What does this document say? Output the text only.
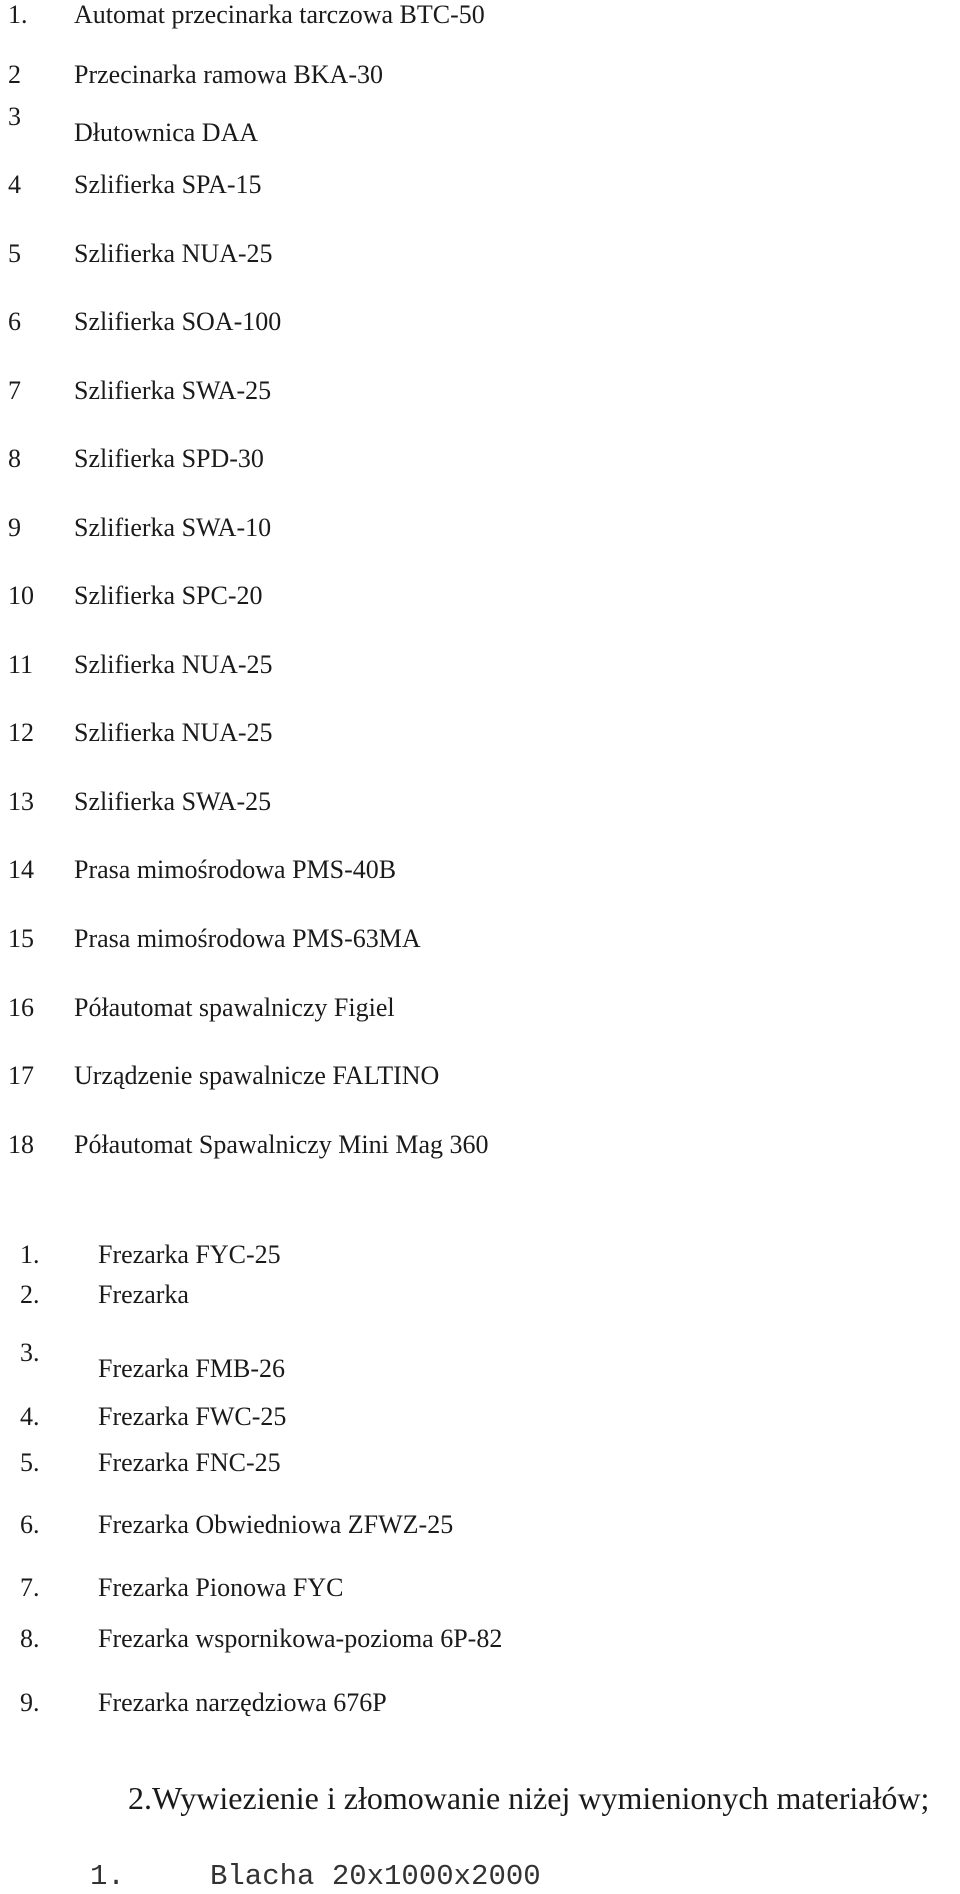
1. Automat przecinarka tarczowa BTC-50
2 Przecinarka ramowa BKA-30
3
Dłutownica DAA
4 Szlifierka SPA-15
5 Szlifierka NUA-25
6 Szlifierka SOA-100
7 Szlifierka SWA-25
8 Szlifierka SPD-30
9 Szlifierka SWA-10
10 Szlifierka SPC-20
11 Szlifierka NUA-25
12 Szlifierka NUA-25
13 Szlifierka SWA-25
14 Prasa mimośrodowa PMS-40B
15 Prasa mimośrodowa PMS-63MA
16 Półautomat spawalniczy Figiel
17 Urządzenie spawalnicze FALTINO
18 Półautomat Spawalniczy Mini Mag 360
1. Frezarka FYC-25
2. Frezarka
3.
Frezarka FMB-26
4. Frezarka FWC-25
5. Frezarka FNC-25
6. Frezarka Obwiedniowa ZFWZ-25
7. Frezarka Pionowa FYC
8. Frezarka wspornikowa-pozioma 6P-82
9. Frezarka narzędziowa 676P
2.Wywiezienie i złomowanie niżej wymienionych materiałów;
1.	Blacha 20x1000x2000
